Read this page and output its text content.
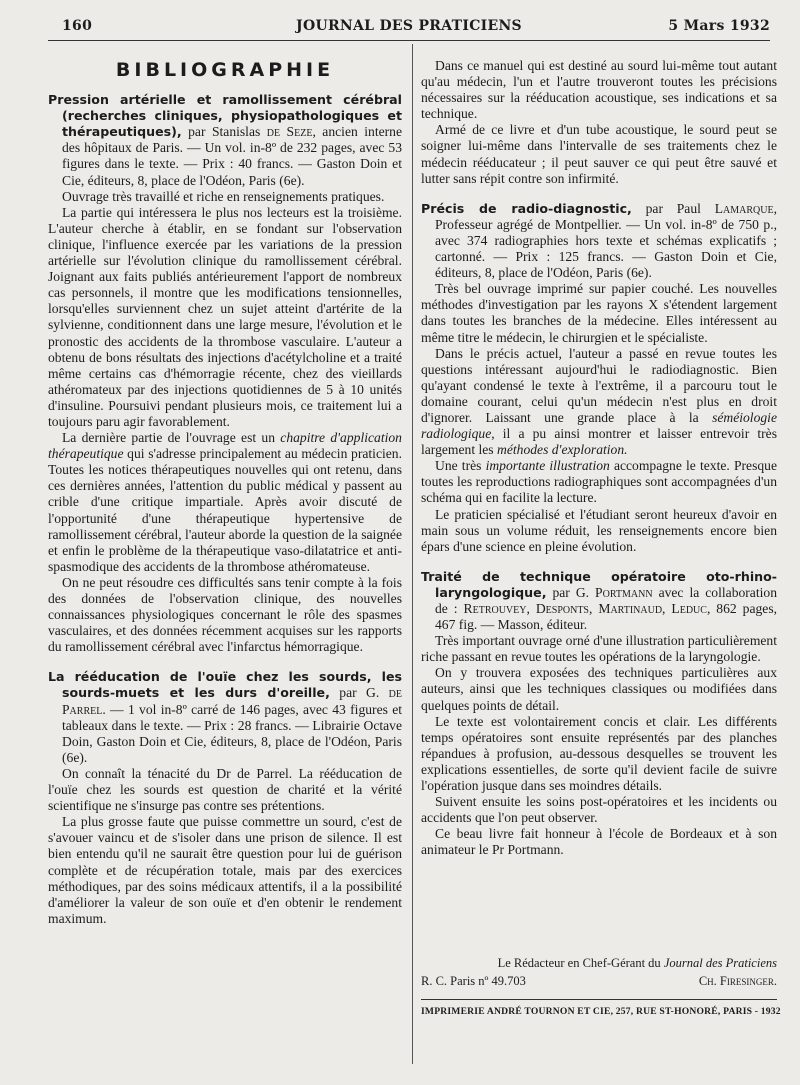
160	JOURNAL DES PRATICIENS	5 Mars 1932
BIBLIOGRAPHIE

Pression artérielle et ramollissement cérébral (recherches cliniques, physiopathologiques et thérapeutiques), par Stanislas de Seze, ancien interne des hôpitaux de Paris. — Un vol. in-8º de 232 pages, avec 53 figures dans le texte. — Prix : 40 francs. — Gaston Doin et Cie, éditeurs, 8, place de l'Odéon, Paris (6e).

Ouvrage très travaillé et riche en renseignements pratiques.

La partie qui intéressera le plus nos lecteurs est la troisième. L'auteur cherche à établir, en se fondant sur l'observation clinique, l'influence exercée par les variations de la pression artérielle sur l'évolution clinique du ramollissement cérébral. Joignant aux faits publiés antérieurement l'apport de nombreux cas personnels, il montre que les modifications tensionnelles, lorsqu'elles surviennent chez un sujet atteint d'artérite de la sylvienne, conditionnent dans une large mesure, l'évolution et le pronostic des accidents de la thrombose vasculaire. L'auteur a obtenu de bons résultats des injections d'acétylcholine et a traité même certains cas d'hémorragie récente, chez des vieillards athéromateux par des injections quotidiennes de 5 à 10 unités d'insuline. Poursuivi pendant plusieurs mois, ce traitement lui a toujours paru agir favorablement.

La dernière partie de l'ouvrage est un chapitre d'application thérapeutique qui s'adresse principalement au médecin praticien. Toutes les notices thérapeutiques nouvelles qui ont retenu, dans ces dernières années, l'attention du public médical y passent au crible d'une critique impartiale. Après avoir discuté de l'opportunité d'une thérapeutique hypertensive de ramollissement cérébral, l'auteur aborde la question de la saignée et enfin le problème de la thérapeutique vaso-dilatatrice et anti-spasmodique des accidents de la thrombose athéromateuse.

On ne peut résoudre ces difficultés sans tenir compte à la fois des données de l'observation clinique, des nouvelles connaissances physiologiques concernant le rôle des spasmes vasculaires, et des données récemment acquises sur les rapports du ramollissement cérébral avec l'infarctus hémorragique.

La rééducation de l'ouïe chez les sourds, les sourds-muets et les durs d'oreille, par G. de Parrel. — 1 vol in-8º carré de 146 pages, avec 43 figures et tableaux dans le texte. — Prix : 28 francs. — Librairie Octave Doin, Gaston Doin et Cie, éditeurs, 8, place de l'Odéon, Paris (6e).

On connaît la ténacité du Dr de Parrel. La rééducation de l'ouïe chez les sourds est question de charité et la vérité scientifique ne s'insurge pas contre ses prétentions.

La plus grosse faute que puisse commettre un sourd, c'est de s'avouer vaincu et de s'isoler dans une prison de silence. Il est bien entendu qu'il ne saurait être question pour lui de guérison complète et de récupération totale, mais par des exercices méthodiques, par des soins médicaux attentifs, il a la possibilité d'améliorer la valeur de son ouïe et d'en obtenir le rendement maximum.

Dans ce manuel qui est destiné au sourd lui-même tout autant qu'au médecin, l'un et l'autre trouveront toutes les précisions nécessaires sur la rééducation acoustique, ses indications et sa technique.

Armé de ce livre et d'un tube acoustique, le sourd peut se soigner lui-même dans l'intervalle de ses traitements chez le médecin rééducateur ; il peut sauver ce qui peut être sauvé et lutter sans répit contre son infirmité.

Précis de radio-diagnostic, par Paul Lamarque, Professeur agrégé de Montpellier. — Un vol. in-8º de 750 p., avec 374 radiographies hors texte et schémas explicatifs ; cartonné. — Prix : 125 francs. — Gaston Doin et Cie, éditeurs, 8, place de l'Odéon, Paris (6e).

Très bel ouvrage imprimé sur papier couché. Les nouvelles méthodes d'investigation par les rayons X s'étendent largement dans toutes les branches de la médecine. Elles intéressent au même titre le médecin, le chirurgien et le spécialiste.

Dans le précis actuel, l'auteur a passé en revue toutes les questions intéressant aujourd'hui le radiodiagnostic. Bien qu'ayant condensé le texte à l'extrême, il a parcouru tout le domaine courant, celui qu'un médecin n'est plus en droit d'ignorer. Laissant une grande place à la séméiologie radiologique, il a pu ainsi montrer et laisser entrevoir très largement les méthodes d'exploration.

Une très importante illustration accompagne le texte. Presque toutes les reproductions radiographiques sont accompagnées d'un schéma qui en facilite la lecture.

Le praticien spécialisé et l'étudiant seront heureux d'avoir en main sous un volume réduit, les renseignements encore bien épars d'une science en pleine évolution.

Traité de technique opératoire oto-rhino-laryngologique, par G. Portmann avec la collaboration de : Retrouvey, Desponts, Martinaud, Leduc, 862 pages, 467 fig. — Masson, éditeur.

Très important ouvrage orné d'une illustration particulièrement riche passant en revue toutes les opérations de la laryngologie.

On y trouvera exposées des techniques particulières aux auteurs, ainsi que les techniques classiques ou modifiées dans quelques points de détail.

Le texte est volontairement concis et clair. Les différents temps opératoires sont ensuite représentés par des planches répandues à profusion, au-dessous desquelles se trouvent les explications essentielles, de sorte qu'il devient facile de suivre l'opération jusque dans ses moindres détails.

Suivent ensuite les soins post-opératoires et les incidents ou accidents que l'on peut observer.

Ce beau livre fait honneur à l'école de Bordeaux et à son animateur le Pr Portmann.

Le Rédacteur en Chef-Gérant du Journal des Praticiens
R. C. Paris nº 49.703	Ch. Firesinger.
IMPRIMERIE ANDRÉ TOURNON ET CIE, 257, RUE ST-HONORÉ, PARIS - 1932
